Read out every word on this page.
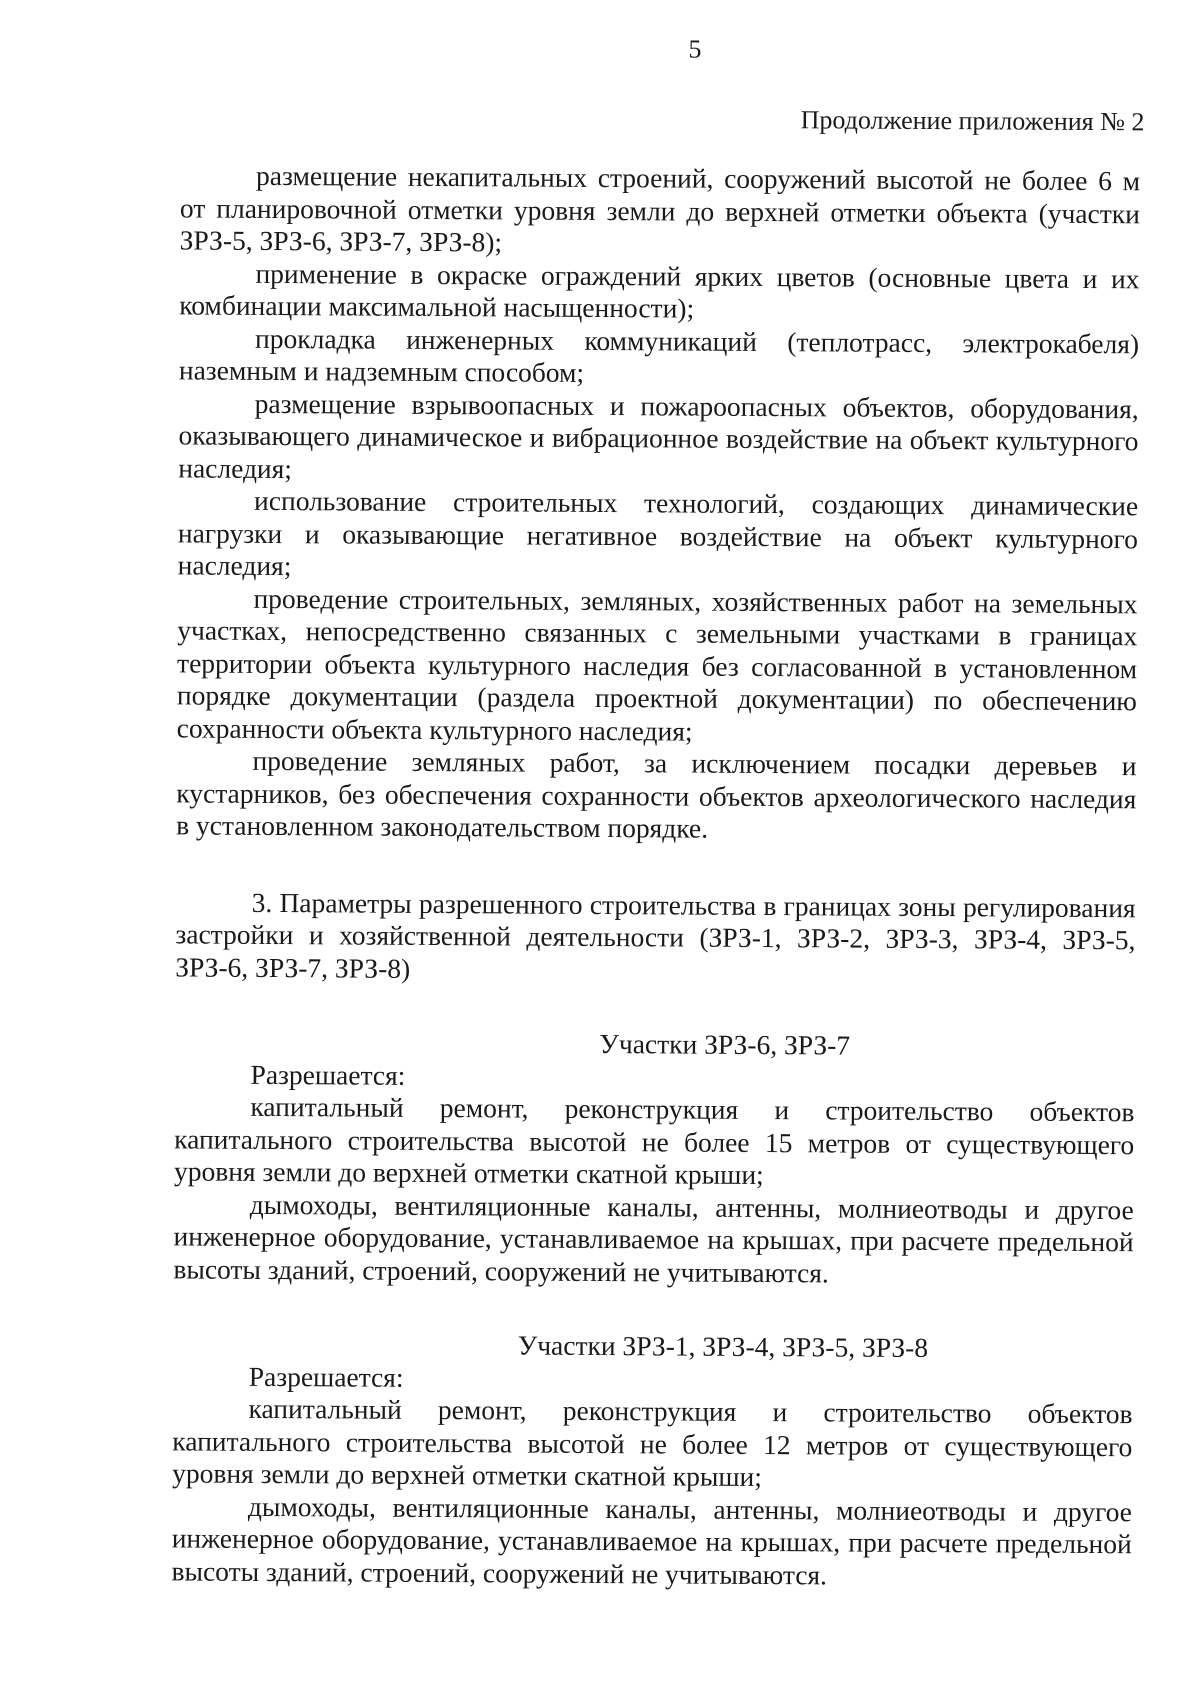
5
Продолжение приложения № 2

размещение некапитальных строений, сооружений высотой не более 6 м от планировочной отметки уровня земли до верхней отметки объекта (участки ЗРЗ-5, ЗРЗ-6, ЗРЗ-7, ЗРЗ-8);

применение в окраске ограждений ярких цветов (основные цвета и их комбинации максимальной насыщенности);

прокладка инженерных коммуникаций (теплотрасс, электрокабеля) наземным и надземным способом;

размещение взрывоопасных и пожароопасных объектов, оборудования, оказывающего динамическое и вибрационное воздействие на объект культурного наследия;

использование строительных технологий, создающих динамические нагрузки и оказывающие негативное воздействие на объект культурного наследия;

проведение строительных, земляных, хозяйственных работ на земельных участках, непосредственно связанных с земельными участками в границах территории объекта культурного наследия без согласованной в установленном порядке документации (раздела проектной документации) по обеспечению сохранности объекта культурного наследия;

проведение земляных работ, за исключением посадки деревьев и кустарников, без обеспечения сохранности объектов археологического наследия в установленном законодательством порядке.

3. Параметры разрешенного строительства в границах зоны регулирования застройки и хозяйственной деятельности (ЗРЗ-1, ЗРЗ-2, ЗРЗ-3, ЗРЗ-4, ЗРЗ-5, ЗРЗ-6, ЗРЗ-7, ЗРЗ-8)

Участки ЗРЗ-6, ЗРЗ-7

Разрешается:

капитальный ремонт, реконструкция и строительство объектов капитального строительства высотой не более 15 метров от существующего уровня земли до верхней отметки скатной крыши;

дымоходы, вентиляционные каналы, антенны, молниеотводы и другое инженерное оборудование, устанавливаемое на крышах, при расчете предельной высоты зданий, строений, сооружений не учитываются.

Участки ЗРЗ-1, ЗРЗ-4, ЗРЗ-5, ЗРЗ-8

Разрешается:

капитальный ремонт, реконструкция и строительство объектов капитального строительства высотой не более 12 метров от существующего уровня земли до верхней отметки скатной крыши;

дымоходы, вентиляционные каналы, антенны, молниеотводы и другое инженерное оборудование, устанавливаемое на крышах, при расчете предельной высоты зданий, строений, сооружений не учитываются.
